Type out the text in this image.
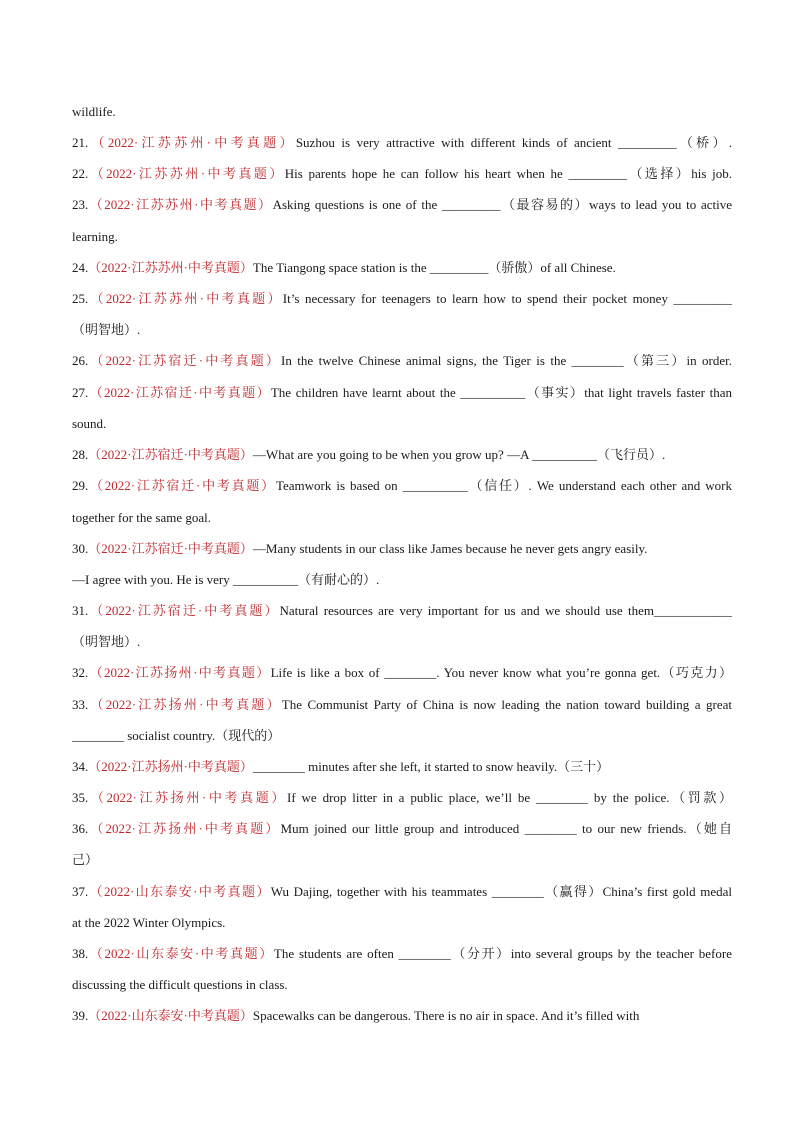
wildlife.
21.（2022·江苏苏州·中考真题）Suzhou is very attractive with different kinds of ancient _________（桥）.
22.（2022·江苏苏州·中考真题）His parents hope he can follow his heart when he _________（选择）his job.
23.（2022·江苏苏州·中考真题）Asking questions is one of the _________（最容易的）ways to lead you to active
learning.
24.（2022·江苏苏州·中考真题）The Tiangong space station is the _________（骄傲）of all Chinese.
25.（2022·江苏苏州·中考真题）It’s necessary for teenagers to learn how to spend their pocket money _________
（明智地）.
26.（2022·江苏宿迁·中考真题）In the twelve Chinese animal signs, the Tiger is the ________（第三）in order.
27.（2022·江苏宿迁·中考真题）The children have learnt about the __________（事实）that light travels faster than
sound.
28.（2022·江苏宿迁·中考真题）—What are you going to be when you grow up? —A __________（飞行员）.
29.（2022·江苏宿迁·中考真题）Teamwork is based on __________（信任）. We understand each other and work
together for the same goal.
30.（2022·江苏宿迁·中考真题）—Many students in our class like James because he never gets angry easily.
—I agree with you. He is very __________（有耐心的）.
31.（2022·江苏宿迁·中考真题）Natural resources are very important for us and we should use them____________
（明智地）.
32.（2022·江苏扬州·中考真题）Life is like a box of ________. You never know what you’re gonna get.（巧克力）
33.（2022·江苏扬州·中考真题）The Communist Party of China is now leading the nation toward building a great
________ socialist country.（现代的）
34.（2022·江苏扬州·中考真题）________ minutes after she left, it started to snow heavily.（三十）
35.（2022·江苏扬州·中考真题）If we drop litter in a public place, we’ll be ________ by the police.（罚款）
36.（2022·江苏扬州·中考真题）Mum joined our little group and introduced ________ to our new friends.（她自
己）
37.（2022·山东泰安·中考真题）Wu Dajing, together with his teammates ________（赢得）China’s first gold medal
at the 2022 Winter Olympics.
38.（2022·山东泰安·中考真题）The students are often ________（分开）into several groups by the teacher before
discussing the difficult questions in class.
39.（2022·山东泰安·中考真题）Spacewalks can be dangerous. There is no air in space. And it’s filled with
